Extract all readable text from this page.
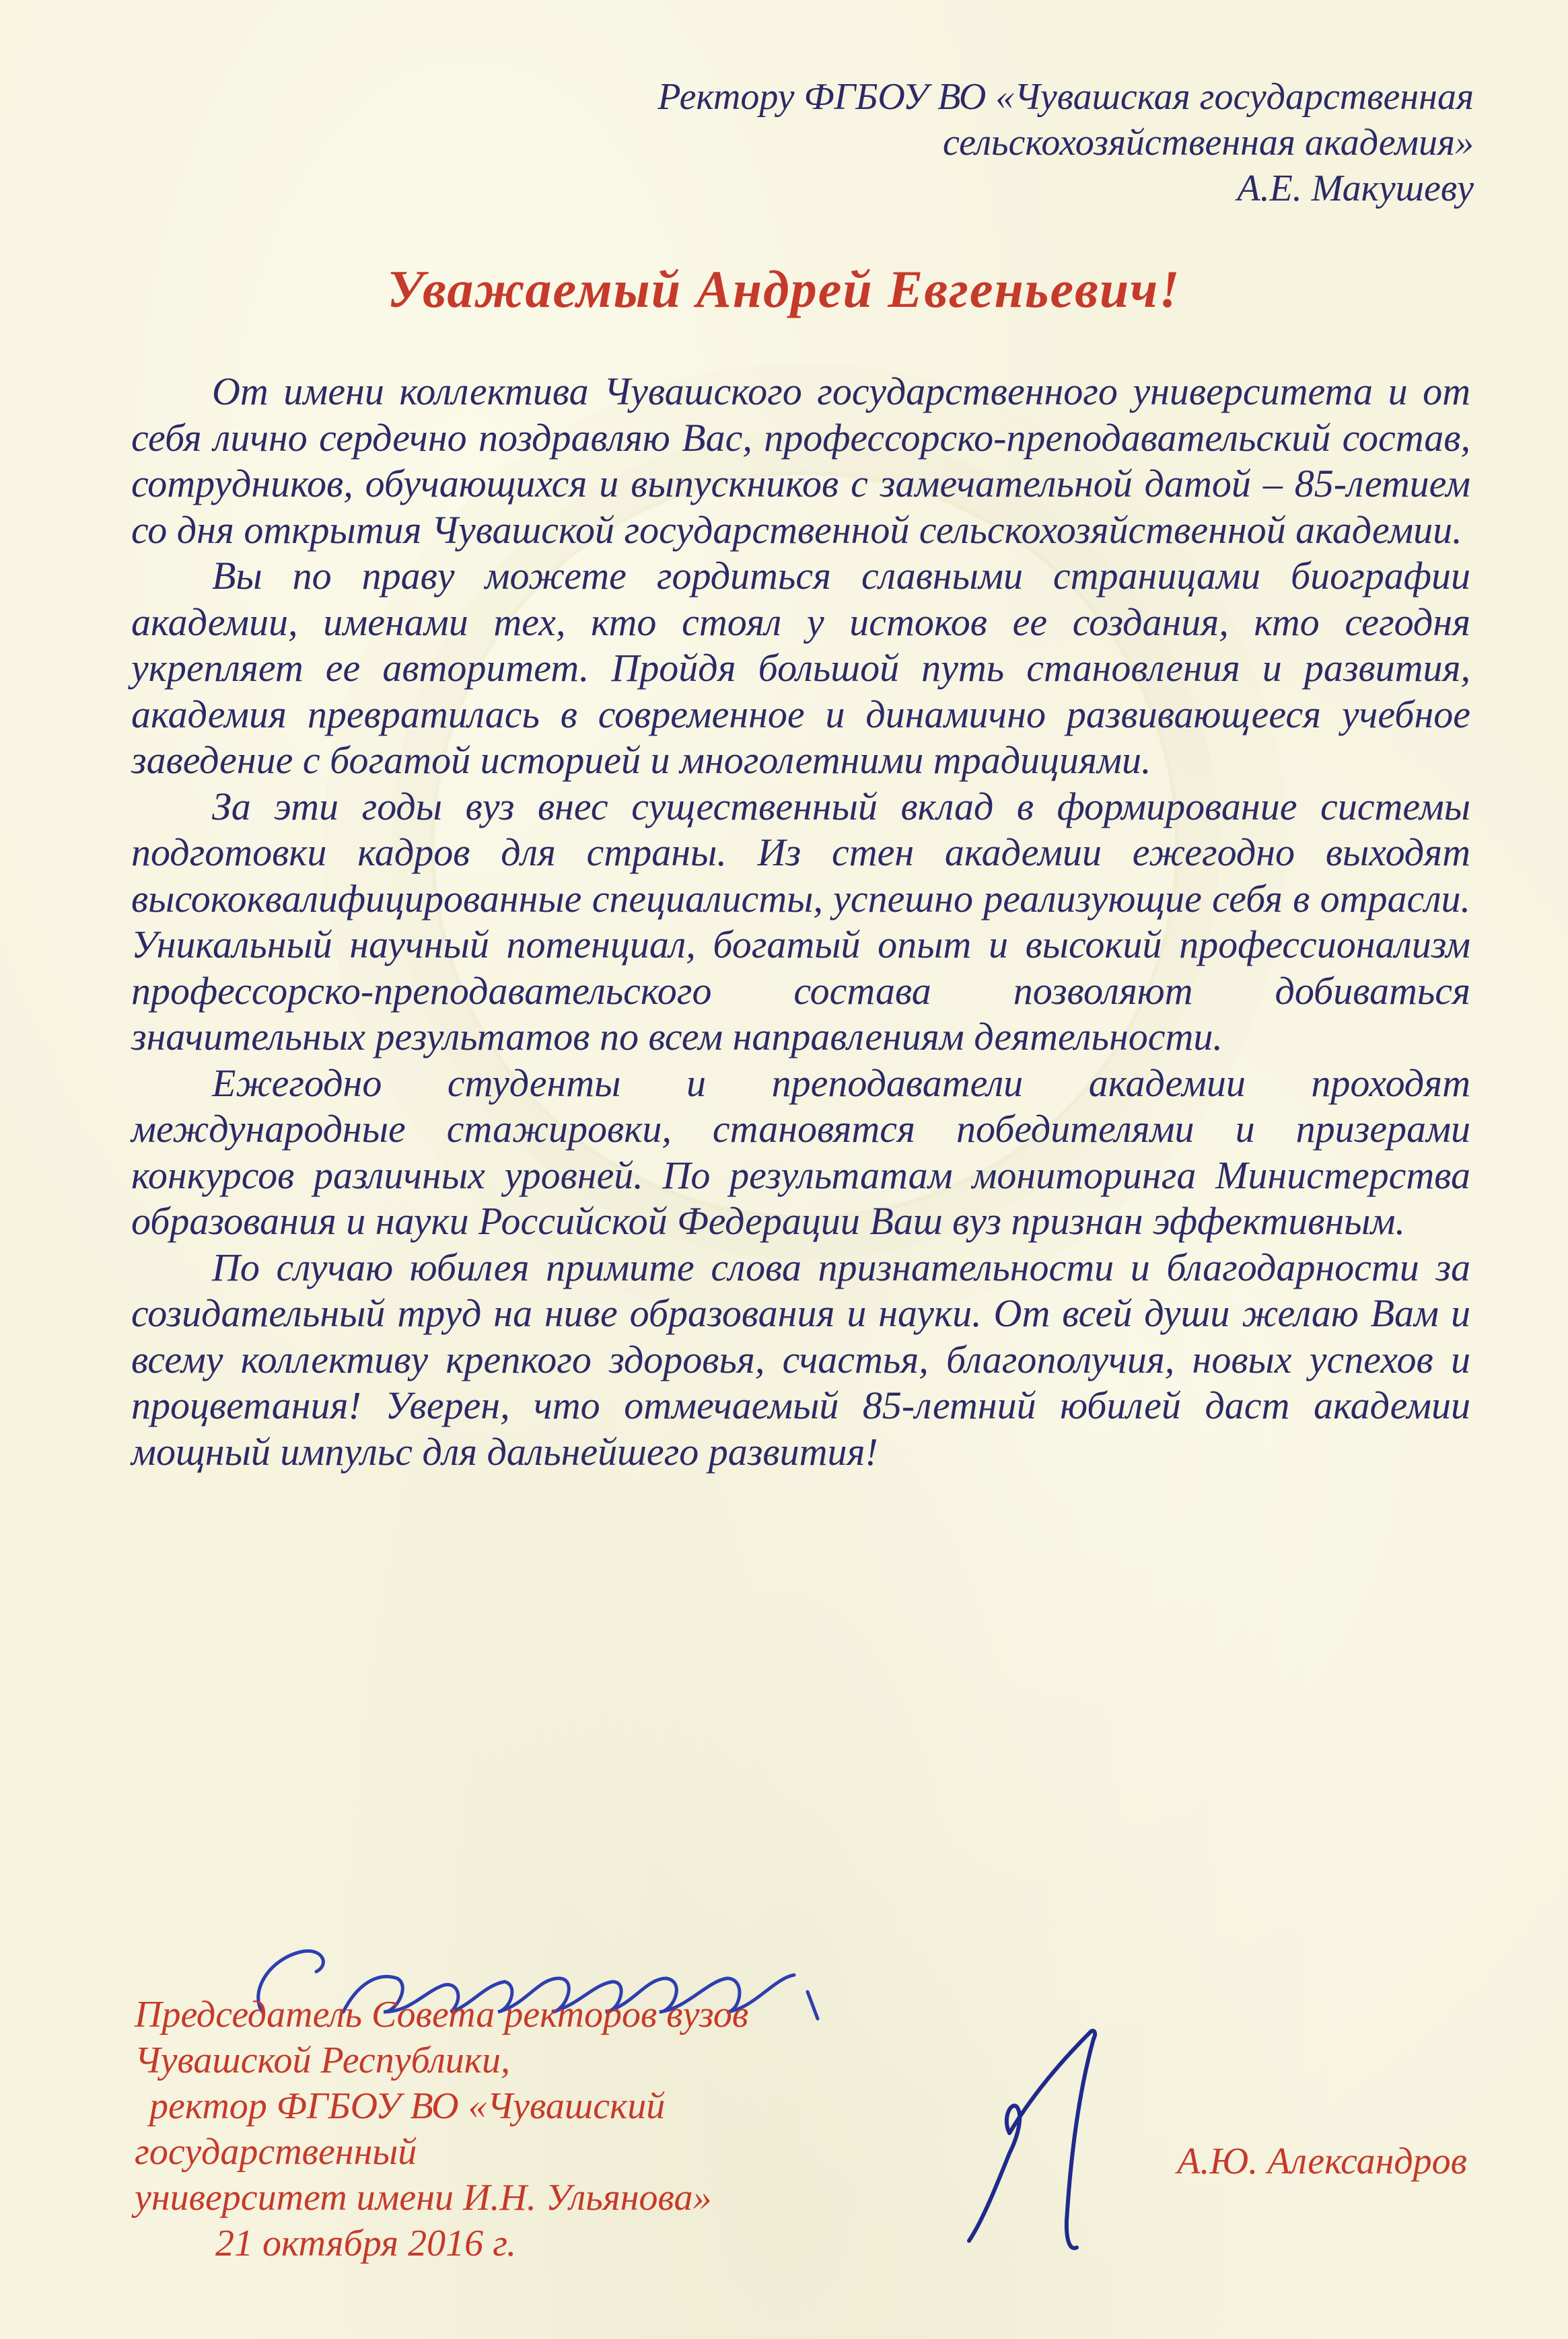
Ректору ФГБОУ ВО «Чувашская государственная
сельскохозяйственная академия»
А.Е. Макушеву
Уважаемый Андрей Евгеньевич!

От имени коллектива Чувашского государственного университета и от себя лично сердечно поздравляю Вас, профессорско-преподавательский состав, сотрудников, обучающихся и выпускников с замечательной датой – 85-летием со дня открытия Чувашской государственной сельскохозяйственной академии.

Вы по праву можете гордиться славными страницами биографии академии, именами тех, кто стоял у истоков ее создания, кто сегодня укрепляет ее авторитет. Пройдя большой путь становления и развития, академия превратилась в современное и динамично развивающееся учебное заведение с богатой историей и многолетними традициями.

За эти годы вуз внес существенный вклад в формирование системы подготовки кадров для страны. Из стен академии ежегодно выходят высококвалифицированные специалисты, успешно реализующие себя в отрасли. Уникальный научный потенциал, богатый опыт и высокий профессионализм профессорско-преподавательского состава позволяют добиваться значительных результатов по всем направлениям деятельности.

Ежегодно студенты и преподаватели академии проходят международные стажировки, становятся победителями и призерами конкурсов различных уровней. По результатам мониторинга Министерства образования и науки Российской Федерации Ваш вуз признан эффективным.

По случаю юбилея примите слова признательности и благодарности за созидательный труд на ниве образования и науки. От всей души желаю Вам и всему коллективу крепкого здоровья, счастья, благополучия, новых успехов и процветания! Уверен, что отмечаемый 85-летний юбилей даст академии мощный импульс для дальнейшего развития!

Председатель Совета ректоров вузов
Чувашской Республики,
ректор ФГБОУ ВО «Чувашский
государственный
университет имени И.Н. Ульянова»
21 октября 2016 г.
А.Ю. Александров
